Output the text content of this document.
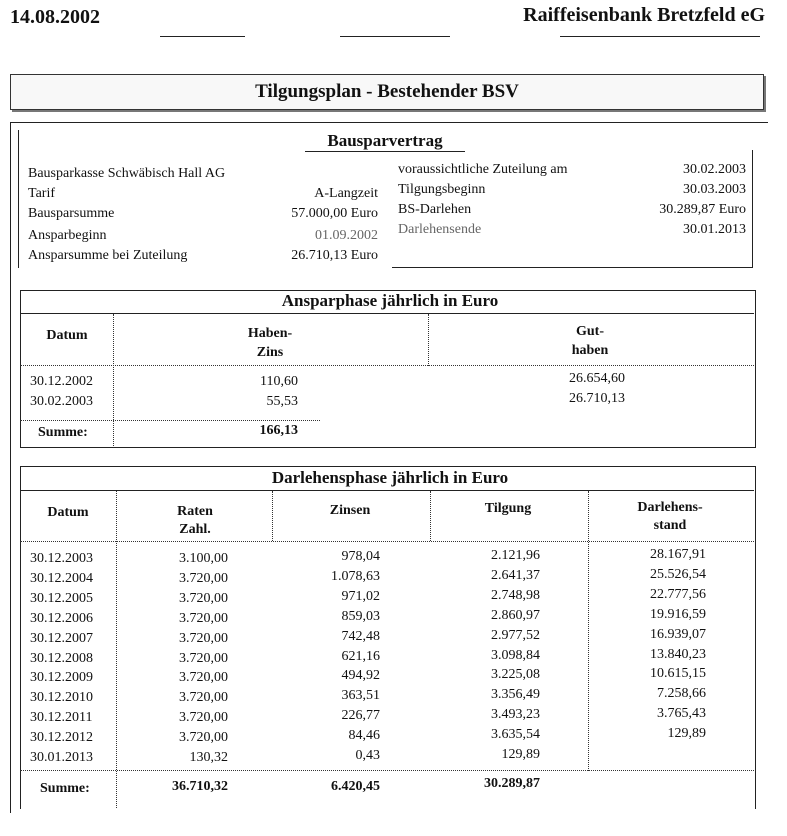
14.08.2002	Raiffeisenbank Bretzfeld eG
Tilgungsplan - Bestehender BSV
Bausparvertrag
Bausparkasse Schwäbisch Hall AG
Tarif	A-Langzeit
Bausparsumme	57.000,00 Euro
Ansparbeginn	01.09.2002
Ansparsumme bei Zuteilung	26.710,13 Euro
voraussichtliche Zuteilung am	30.02.2003
Tilgungsbeginn	30.03.2003
BS-Darlehen	30.289,87 Euro
Darlehensende	30.01.2013
Ansparphase jährlich in Euro
Datum	Haben-
Zins
Gut-
haben
30.12.2002	110,60	26.654,60
30.02.2003	55,53	26.710,13
Summe:	166,13
Darlehensphase jährlich in Euro
Datum	Raten
Zahl.
Zinsen	Tilgung	Darlehens-
stand
30.12.2003	3.100,00	978,04	2.121,96	28.167,91
30.12.2004	3.720,00	1.078,63	2.641,37	25.526,54
30.12.2005	3.720,00	971,02	2.748,98	22.777,56
30.12.2006	3.720,00	859,03	2.860,97	19.916,59
30.12.2007	3.720,00	742,48	2.977,52	16.939,07
30.12.2008	3.720,00	621,16	3.098,84	13.840,23
30.12.2009	3.720,00	494,92	3.225,08	10.615,15
30.12.2010	3.720,00	363,51	3.356,49	7.258,66
30.12.2011	3.720,00	226,77	3.493,23	3.765,43
30.12.2012	3.720,00	84,46	3.635,54	129,89
30.01.2013	130,32	0,43	129,89
Summe:	36.710,32	6.420,45	30.289,87
